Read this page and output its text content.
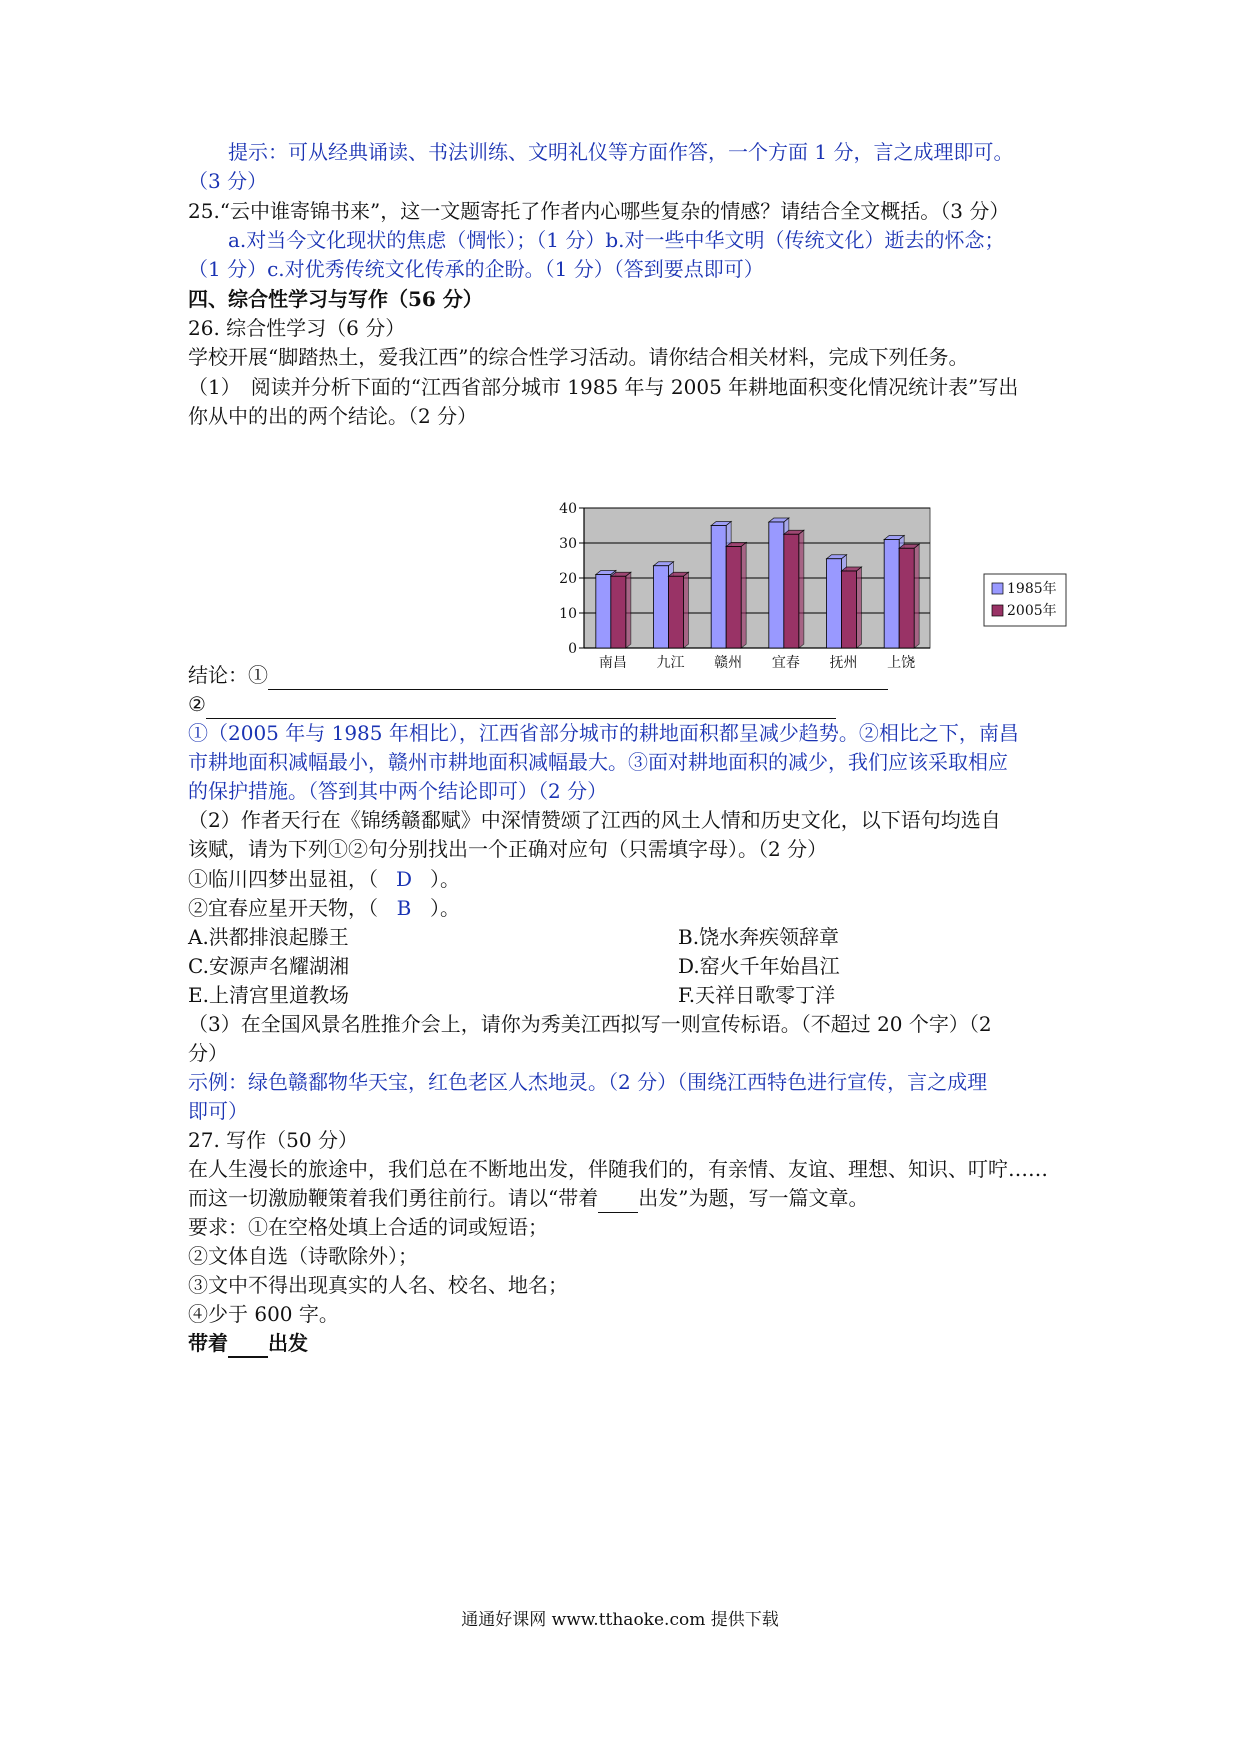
提示：可从经典诵读、书法训练、文明礼仪等方面作答，一个方面 1 分，言之成理即可。
（3 分）
25.“云中谁寄锦书来”，这一文题寄托了作者内心哪些复杂的情感？请结合全文概括。（3 分）
a.对当今文化现状的焦虑（惆怅）；（1 分）b.对一些中华文明（传统文化）逝去的怀念；
（1 分）c.对优秀传统文化传承的企盼。（1 分）（答到要点即可）
四、综合性学习与写作（56 分）
26. 综合性学习（6 分）
学校开展“脚踏热土，爱我江西”的综合性学习活动。请你结合相关材料，完成下列任务。
（1）　阅读并分析下面的“江西省部分城市 1985 年与 2005 年耕地面积变化情况统计表”写出
你从中的出的两个结论。（2 分）
0
10
20
30
40
南昌 九江 赣州 宜春 抚州 上饶
1985年
2005年
结论：①
②
①（2005 年与 1985 年相比），江西省部分城市的耕地面积都呈减少趋势。②相比之下，南昌
市耕地面积减幅最小，赣州市耕地面积减幅最大。③面对耕地面积的减少，我们应该采取相应
的保护措施。（答到其中两个结论即可）（2 分）
（2）作者天行在《锦绣赣鄱赋》中深情赞颂了江西的风土人情和历史文化，以下语句均选自
该赋，请为下列①②句分别找出一个正确对应句（只需填字母）。（2 分）
①临川四梦出显祖，（ D ）。
②宜春应星开天物，（ B ）。
A.洪都排浪起滕王	B.饶水奔疾领辞章
C.安源声名耀湖湘	D.窑火千年始昌江
E.上清宫里道教场	F.天祥日歌零丁洋
（3）在全国风景名胜推介会上，请你为秀美江西拟写一则宣传标语。（不超过 20 个字）（2
分）
示例：绿色赣鄱物华天宝，红色老区人杰地灵。（2 分）（围绕江西特色进行宣传，言之成理
即可）
27. 写作（50 分）
在人生漫长的旅途中，我们总在不断地出发，伴随我们的，有亲情、友谊、理想、知识、叮咛……
而这一切激励鞭策着我们勇往前行。请以“带着 出发”为题，写一篇文章。
要求：①在空格处填上合适的词或短语；
②文体自选（诗歌除外）；
③文中不得出现真实的人名、校名、地名；
④少于 600 字。
带着 出发
通通好课网 www.tthaoke.com 提供下载
